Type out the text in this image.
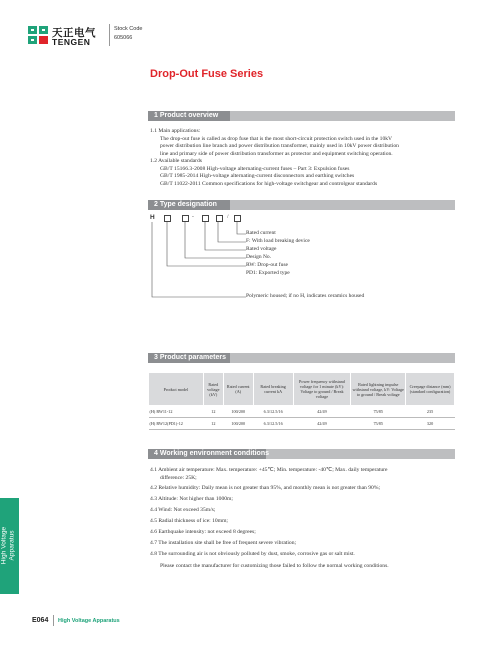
天正电气
TENGEN
Stock Code
605066
Drop-Out Fuse Series
1 Product overview
1.1 Main applications:
The drop-out fuse is called as drop fuse that is the most short-circuit protection switch used in the 10kV
power distribution line branch and power distribution transformer, mainly used in 10kV power distribution
line and primary side of power distribution transformer as protector and equipment switching operation.
1.2 Available standards
GB/T 15166.3-2008 High-voltage alternating-current fuses – Part 3: Expulsion fuses
GB/T 1985-2014 High-voltage alternating-current disconnectors and earthing switches
GB/T 11022-2011 Common specifications for high-voltage switchgear and controlgear standards
2 Type designation
H	-	/
Rated current
F: With load breaking device
Rated voltage
Design No.
RW: Drop-out fuse
PD1: Exported type
Polymeric housed; if no H, indicates ceramics housed
3 Product parameters
Product model	Rated voltage (kV)	Rated current (A)	Rated breaking current kA	Power frequency withstand voltage for 1 minute (kV): Voltage to ground / Break voltage	Rated lightning impulse withstand voltage, kV: Voltage to ground / Break voltage	Creepage distance (mm) (standard configuration)
(H) RW11-12	12	100/200	6.3/12.5/16	42/49	75/85	235
(H) RW12(PD1)-12	12	100/200	6.3/12.5/16	42/49	75/85	320
4 Working environment conditions
4.1 Ambient air temperature: Max. temperature: +45℃; Min. temperature: -40℃; Max. daily temperature
difference: 25K;
4.2 Relative humidity: Daily mean is not greater than 95%, and monthly mean is not greater than 90%;
4.3 Altitude: Not higher than 1000m;
4.4 Wind: Not exceed 35m/s;
4.5 Radial thickness of ice: 10mm;
4.6 Earthquake intensity: not exceed 8 degrees;
4.7 The installation site shall be free of frequent severe vibration;
4.8 The surrounding air is not obviously polluted by dust, smoke, corrosive gas or salt mist.
Please contact the manufacturer for customizing those failed to follow the normal working conditions.
High Voltage Apparatus
E064 High Voltage Apparatus
